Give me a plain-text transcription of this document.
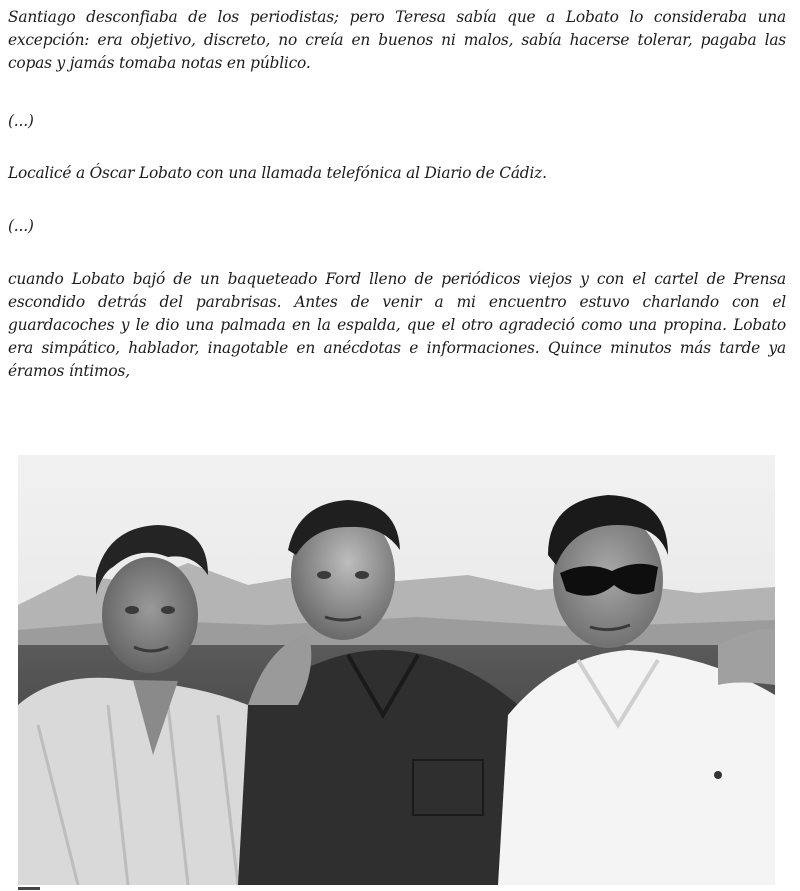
Santiago desconfiaba de los periodistas; pero Teresa sabía que a Lobato lo consideraba una excepción: era objetivo, discreto, no creía en buenos ni malos, sabía hacerse tolerar, pagaba las copas y jamás tomaba notas en público.

(...)

Localicé a Óscar Lobato con una llamada telefónica al Diario de Cádiz.

(...)

cuando Lobato bajó de un baqueteado Ford lleno de periódicos viejos y con el cartel de Prensa escondido detrás del parabrisas. Antes de venir a mi encuentro estuvo charlando con el guardacoches y le dio una palmada en la espalda, que el otro agradeció como una propina. Lobato era simpático, hablador, inagotable en anécdotas e informaciones. Quince minutos más tarde ya éramos íntimos,
